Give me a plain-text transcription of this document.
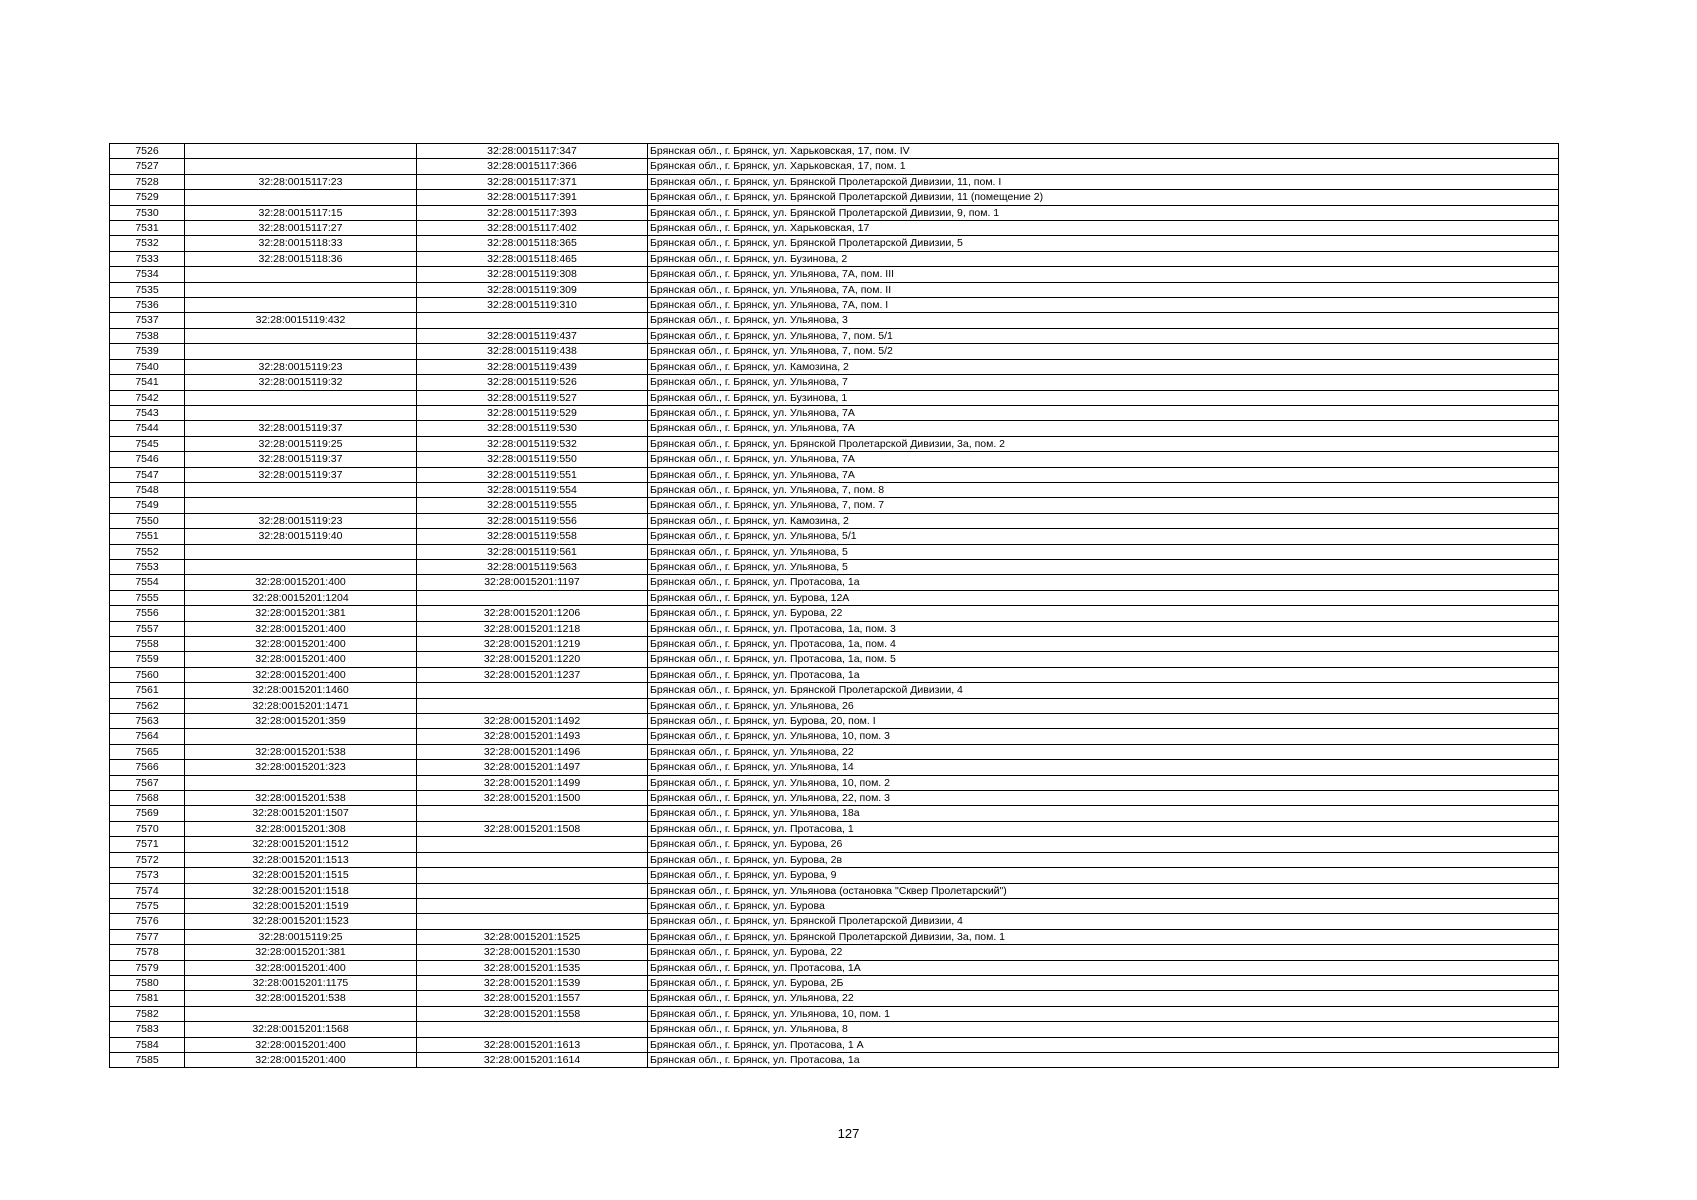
7526		32:28:0015117:347	Брянская обл., г. Брянск, ул. Харьковская, 17, пом. IV
7527		32:28:0015117:366	Брянская обл., г. Брянск, ул. Харьковская, 17, пом. 1
7528	32:28:0015117:23	32:28:0015117:371	Брянская обл., г. Брянск, ул. Брянской Пролетарской Дивизии, 11, пом. I
7529		32:28:0015117:391	Брянская обл., г. Брянск, ул. Брянской Пролетарской Дивизии, 11 (помещение 2)
7530	32:28:0015117:15	32:28:0015117:393	Брянская обл., г. Брянск, ул. Брянской Пролетарской Дивизии, 9, пом. 1
7531	32:28:0015117:27	32:28:0015117:402	Брянская обл., г. Брянск, ул. Харьковская, 17
7532	32:28:0015118:33	32:28:0015118:365	Брянская обл., г. Брянск, ул. Брянской Пролетарской Дивизии, 5
7533	32:28:0015118:36	32:28:0015118:465	Брянская обл., г. Брянск, ул. Бузинова, 2
7534		32:28:0015119:308	Брянская обл., г. Брянск, ул. Ульянова, 7А, пом. III
7535		32:28:0015119:309	Брянская обл., г. Брянск, ул. Ульянова, 7А, пом. II
7536		32:28:0015119:310	Брянская обл., г. Брянск, ул. Ульянова, 7А, пом. I
7537	32:28:0015119:432		Брянская обл., г. Брянск, ул. Ульянова, 3
7538		32:28:0015119:437	Брянская обл., г. Брянск, ул. Ульянова, 7, пом. 5/1
7539		32:28:0015119:438	Брянская обл., г. Брянск, ул. Ульянова, 7, пом. 5/2
7540	32:28:0015119:23	32:28:0015119:439	Брянская обл., г. Брянск, ул. Камозина, 2
7541	32:28:0015119:32	32:28:0015119:526	Брянская обл., г. Брянск, ул. Ульянова, 7
7542		32:28:0015119:527	Брянская обл., г. Брянск, ул. Бузинова, 1
7543		32:28:0015119:529	Брянская обл., г. Брянск, ул. Ульянова, 7А
7544	32:28:0015119:37	32:28:0015119:530	Брянская обл., г. Брянск, ул. Ульянова, 7А
7545	32:28:0015119:25	32:28:0015119:532	Брянская обл., г. Брянск, ул. Брянской Пролетарской Дивизии, 3а, пом. 2
7546	32:28:0015119:37	32:28:0015119:550	Брянская обл., г. Брянск, ул. Ульянова, 7А
7547	32:28:0015119:37	32:28:0015119:551	Брянская обл., г. Брянск, ул. Ульянова, 7А
7548		32:28:0015119:554	Брянская обл., г. Брянск, ул. Ульянова, 7, пом. 8
7549		32:28:0015119:555	Брянская обл., г. Брянск, ул. Ульянова, 7, пом. 7
7550	32:28:0015119:23	32:28:0015119:556	Брянская обл., г. Брянск, ул. Камозина, 2
7551	32:28:0015119:40	32:28:0015119:558	Брянская обл., г. Брянск, ул. Ульянова, 5/1
7552		32:28:0015119:561	Брянская обл., г. Брянск, ул. Ульянова, 5
7553		32:28:0015119:563	Брянская обл., г. Брянск, ул. Ульянова, 5
7554	32:28:0015201:400	32:28:0015201:1197	Брянская обл., г. Брянск, ул. Протасова, 1а
7555	32:28:0015201:1204		Брянская обл., г. Брянск, ул. Бурова, 12А
7556	32:28:0015201:381	32:28:0015201:1206	Брянская обл., г. Брянск, ул. Бурова, 22
7557	32:28:0015201:400	32:28:0015201:1218	Брянская обл., г. Брянск, ул. Протасова, 1а, пом. 3
7558	32:28:0015201:400	32:28:0015201:1219	Брянская обл., г. Брянск, ул. Протасова, 1а, пом. 4
7559	32:28:0015201:400	32:28:0015201:1220	Брянская обл., г. Брянск, ул. Протасова, 1а, пом. 5
7560	32:28:0015201:400	32:28:0015201:1237	Брянская обл., г. Брянск, ул. Протасова, 1а
7561	32:28:0015201:1460		Брянская обл., г. Брянск, ул. Брянской Пролетарской Дивизии, 4
7562	32:28:0015201:1471		Брянская обл., г. Брянск, ул. Ульянова, 26
7563	32:28:0015201:359	32:28:0015201:1492	Брянская обл., г. Брянск, ул. Бурова, 20, пом. I
7564		32:28:0015201:1493	Брянская обл., г. Брянск, ул. Ульянова, 10, пом. 3
7565	32:28:0015201:538	32:28:0015201:1496	Брянская обл., г. Брянск, ул. Ульянова, 22
7566	32:28:0015201:323	32:28:0015201:1497	Брянская обл., г. Брянск, ул. Ульянова, 14
7567		32:28:0015201:1499	Брянская обл., г. Брянск, ул. Ульянова, 10, пом. 2
7568	32:28:0015201:538	32:28:0015201:1500	Брянская обл., г. Брянск, ул. Ульянова, 22, пом. 3
7569	32:28:0015201:1507		Брянская обл., г. Брянск, ул. Ульянова, 18а
7570	32:28:0015201:308	32:28:0015201:1508	Брянская обл., г. Брянск, ул. Протасова, 1
7571	32:28:0015201:1512		Брянская обл., г. Брянск, ул. Бурова, 26
7572	32:28:0015201:1513		Брянская обл., г. Брянск, ул. Бурова, 2в
7573	32:28:0015201:1515		Брянская обл., г. Брянск, ул. Бурова, 9
7574	32:28:0015201:1518		Брянская обл., г. Брянск, ул. Ульянова (остановка "Сквер Пролетарский")
7575	32:28:0015201:1519		Брянская обл., г. Брянск, ул. Бурова
7576	32:28:0015201:1523		Брянская обл., г. Брянск, ул. Брянской Пролетарской Дивизии, 4
7577	32:28:0015119:25	32:28:0015201:1525	Брянская обл., г. Брянск, ул. Брянской Пролетарской Дивизии, 3а, пом. 1
7578	32:28:0015201:381	32:28:0015201:1530	Брянская обл., г. Брянск, ул. Бурова, 22
7579	32:28:0015201:400	32:28:0015201:1535	Брянская обл., г. Брянск, ул. Протасова, 1А
7580	32:28:0015201:1175	32:28:0015201:1539	Брянская обл., г. Брянск, ул. Бурова, 2Б
7581	32:28:0015201:538	32:28:0015201:1557	Брянская обл., г. Брянск, ул. Ульянова, 22
7582		32:28:0015201:1558	Брянская обл., г. Брянск, ул. Ульянова, 10, пом. 1
7583	32:28:0015201:1568		Брянская обл., г. Брянск, ул. Ульянова, 8
7584	32:28:0015201:400	32:28:0015201:1613	Брянская обл., г. Брянск, ул. Протасова, 1 А
7585	32:28:0015201:400	32:28:0015201:1614	Брянская обл., г. Брянск, ул. Протасова, 1а
127
